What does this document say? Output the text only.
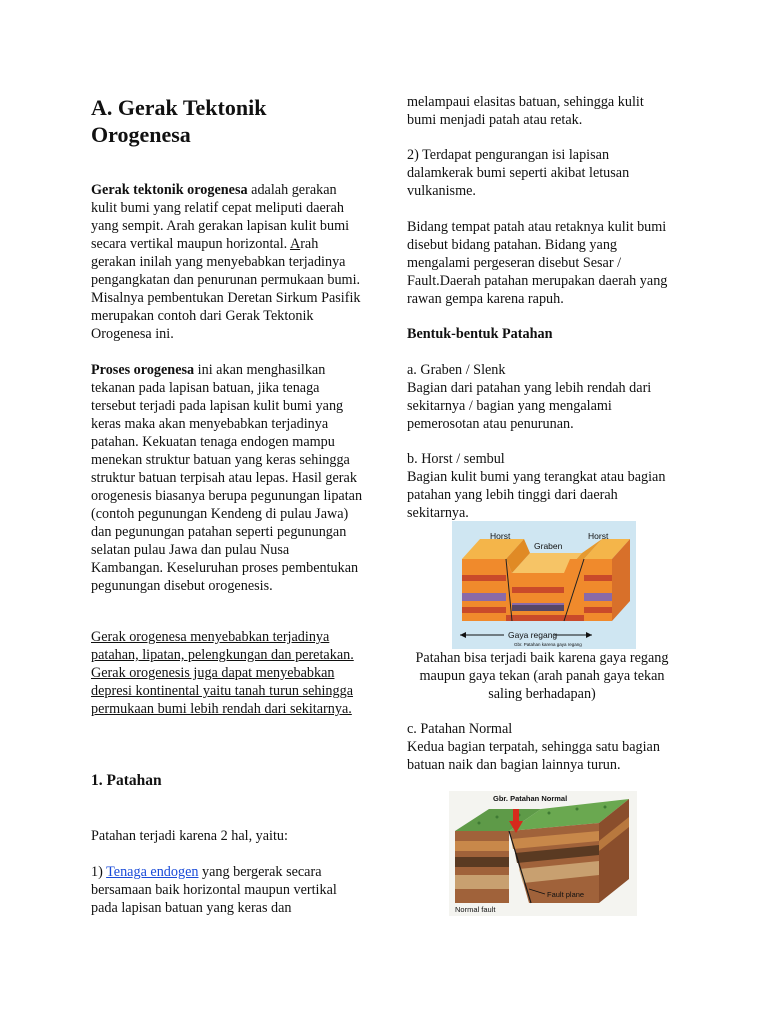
A. Gerak Tektonik
Orogenesa

Gerak tektonik orogenesa adalah gerakan kulit bumi yang relatif cepat meliputi daerah yang sempit. Arah gerakan lapisan kulit bumi secara vertikal maupun horizontal. Arah gerakan inilah yang menyebabkan terjadinya pengangkatan dan penurunan permukaan bumi. Misalnya pembentukan Deretan Sirkum Pasifik merupakan contoh dari Gerak Tektonik Orogenesa ini.

Proses orogenesa ini akan menghasilkan tekanan pada lapisan batuan, jika tenaga tersebut terjadi pada lapisan kulit bumi yang keras maka akan menyebabkan terjadinya patahan. Kekuatan tenaga endogen mampu menekan struktur batuan yang keras sehingga struktur batuan terpisah atau lepas. Hasil gerak orogenesis biasanya berupa pegunungan lipatan (contoh pegunungan Kendeng di pulau Jawa) dan pegunungan patahan seperti pegunungan selatan pulau Jawa dan pulau Nusa Kambangan. Keseluruhan proses pembentukan pegunungan disebut orogenesis.

Gerak orogenesa menyebabkan terjadinya patahan, lipatan, pelengkungan dan peretakan. Gerak orogenesis juga dapat menyebabkan depresi kontinental yaitu tanah turun sehingga permukaan bumi lebih rendah dari sekitarnya.

1. Patahan

Patahan terjadi karena 2 hal, yaitu:

1) Tenaga endogen yang bergerak secara bersamaan baik horizontal maupun vertikal pada lapisan batuan yang keras dan

melampaui elasitas batuan, sehingga kulit bumi menjadi patah atau retak.

2) Terdapat pengurangan isi lapisan dalamkerak bumi seperti akibat letusan vulkanisme.

Bidang tempat patah atau retaknya kulit bumi disebut bidang patahan. Bidang yang mengalami pergeseran disebut Sesar / Fault.Daerah patahan merupakan daerah yang rawan gempa karena rapuh.

Bentuk-bentuk Patahan

a. Graben / Slenk
Bagian dari patahan yang lebih rendah dari sekitarnya / bagian yang mengalami pemerosotan atau penurunan.

b. Horst / sembul
Bagian kulit bumi yang terangkat atau bagian patahan yang lebih tinggi dari daerah sekitarnya.

Patahan bisa terjadi baik karena gaya regang maupun gaya tekan (arah panah gaya tekan saling berhadapan)

c. Patahan Normal
Kedua bagian terpatah, sehingga satu bagian batuan naik dan bagian lainnya turun.

Horst
Graben
Horst
Gaya regang
Gbr. Patahan karena gaya regang
Gbr. Patahan Normal
Fault plane
Normal fault
